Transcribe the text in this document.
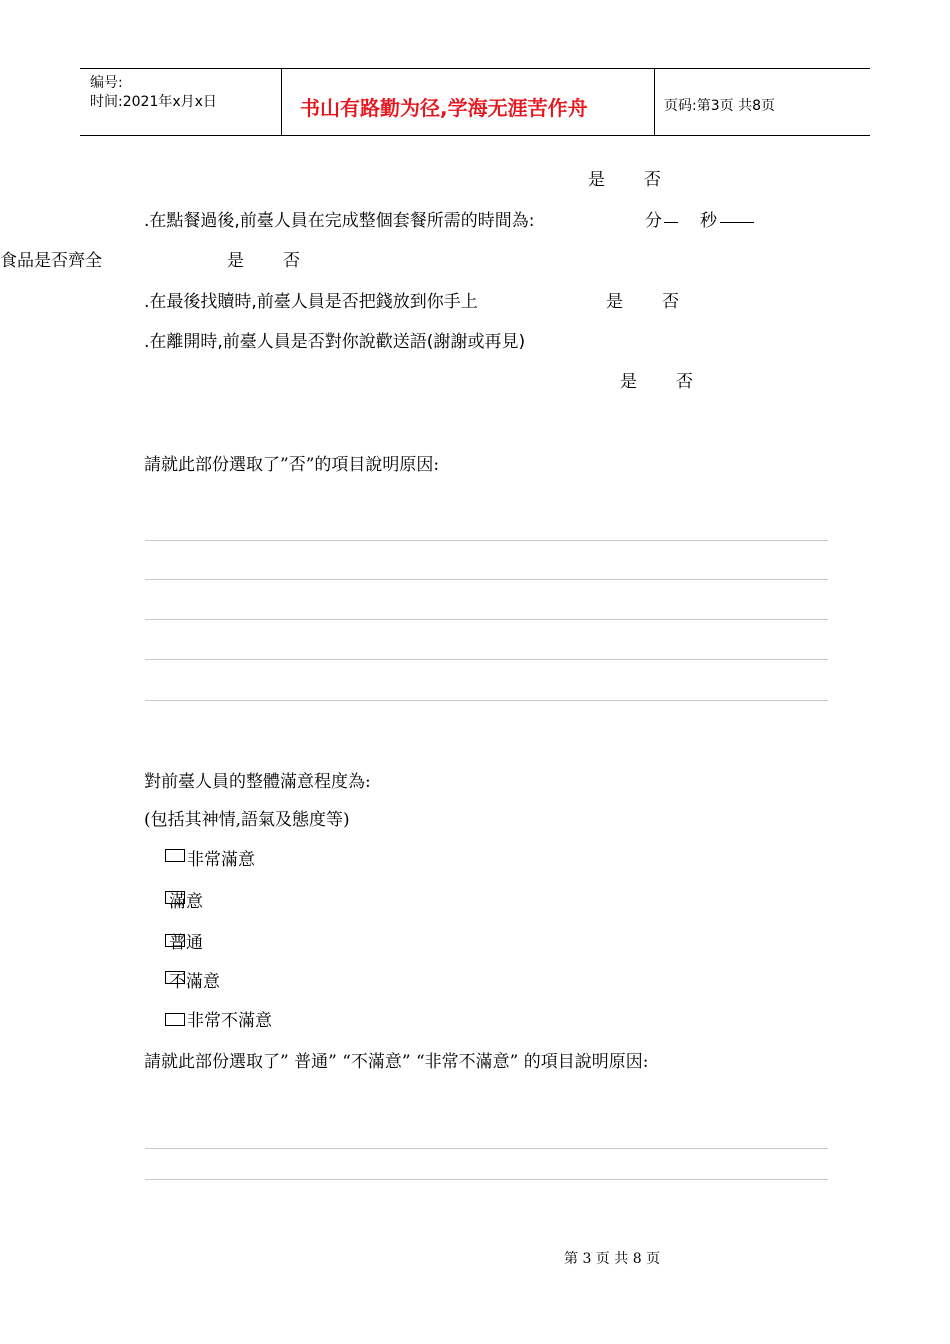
编号:
时间:2021年x月x日	书山有路勤为径,学海无涯苦作舟	页码:第3页 共8页
是 否
.在點餐過後,前臺人員在完成整個套餐所需的時間為:	分 秒
食品是否齊全	是 否
.在最後找贖時,前臺人員是否把錢放到你手上	是 否
.在離開時,前臺人員是否對你說歡送語(謝謝或再見)
是 否
請就此部份選取了”否”的項目說明原因:
對前臺人員的整體滿意程度為:
(包括其神情,語氣及態度等)
非常滿意
滿意
普通
不滿意
非常不滿意
請就此部份選取了” 普通” “不滿意” “非常不滿意” 的項目說明原因:
第 3 页 共 8 页
